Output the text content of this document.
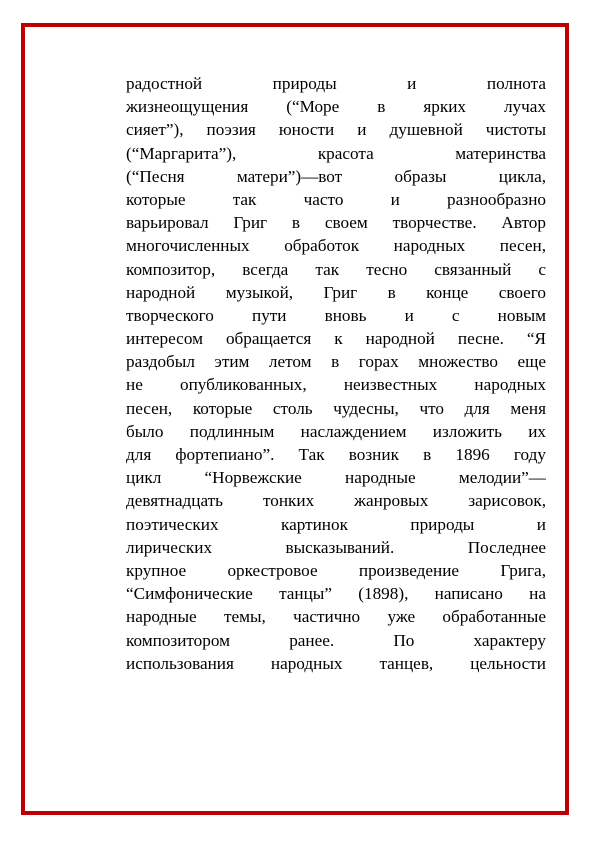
радостной природы и полнота
жизнеощущения (“Море в ярких лучах
сияет”), поэзия юности и душевной чистоты
(“Маргарита”), красота материнства
(“Песня матери”)—вот образы цикла,
которые так часто и разнообразно
варьировал Григ в своем творчестве. Автор
многочисленных обработок народных песен,
композитор, всегда так тесно связанный с
народной музыкой, Григ в конце своего
творческого пути вновь и с новым
интересом обращается к народной песне. “Я
раздобыл этим летом в горах множество еще
не опубликованных, неизвестных народных
песен, которые столь чудесны, что для меня
было подлинным наслаждением изложить их
для фортепиано”. Так возник в 1896 году
цикл “Норвежские народные мелодии”—
девятнадцать тонких жанровых зарисовок,
поэтических картинок природы и
лирических высказываний. Последнее
крупное оркестровое произведение Грига,
“Симфонические танцы” (1898), написано на
народные темы, частично уже обработанные
композитором ранее. По характеру
использования народных танцев, цельности
